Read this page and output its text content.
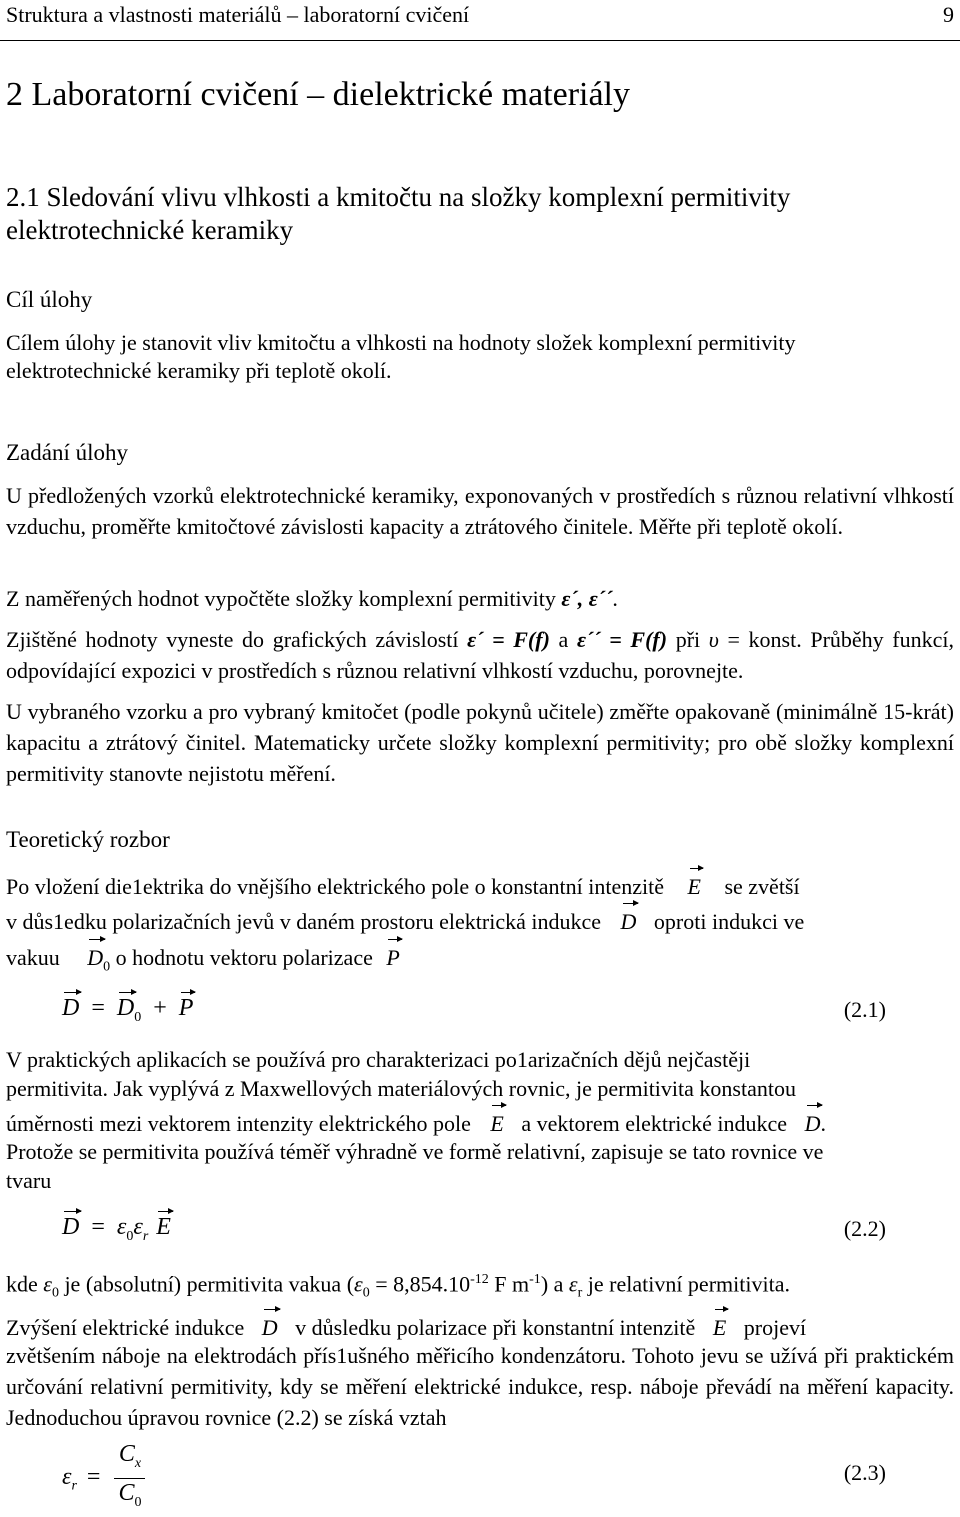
Struktura a vlastnosti materiálů – laboratorní cvičení	9
2 Laboratorní cvičení – dielektrické materiály
2.1 Sledování vlivu vlhkosti a kmitočtu na složky komplexní permitivity
elektrotechnické keramiky
Cíl úlohy
Cílem úlohy je stanovit vliv kmitočtu a vlhkosti na hodnoty složek komplexní permitivity
elektrotechnické keramiky při teplotě okolí.
Zadání úlohy

U předložených vzorků elektrotechnické keramiky, exponovaných v prostředích s různou relativní vlhkostí vzduchu, proměřte kmitočtové závislosti kapacity a ztrátového činitele. Měřte při teplotě okolí.

Z naměřených hodnot vypočtěte složky komplexní permitivity ε´, ε´´.

Zjištěné hodnoty vyneste do grafických závislostí ε´ = F(f) a ε´´ = F(f) při υ = konst. Průběhy funkcí, odpovídající expozici v prostředích s různou relativní vlhkostí vzduchu, porovnejte.

U vybraného vzorku a pro vybraný kmitočet (podle pokynů učitele) změřte opakovaně (minimálně 15-krát) kapacitu a ztrátový činitel. Matematicky určete složky komplexní permitivity; pro obě složky komplexní permitivity stanovte nejistotu měření.

Teoretický rozbor
Po vložení die1ektrika do vnějšího elektrického pole o konstantní intenzitě E se zvětší
v důs1edku polarizačních jevů v daném prostoru elektrická indukce D oproti indukci ve
vakuu $D_0$ o hodnotu vektoru polarizace P
$D = D_0 + P$	(2.1)
V praktických aplikacích se používá pro charakterizaci po1arizačních dějů nejčastěji
permitivita. Jak vyplývá z Maxwellových materiálových rovnic, je permitivita konstantou
úměrnosti mezi vektorem intenzity elektrického pole E a vektorem elektrické indukce D.
Protože se permitivita používá téměř výhradně ve formě relativní, zapisuje se tato rovnice ve
tvaru
$D = \varepsilon_0\varepsilon_r$ E	(2.2)
kde $\varepsilon_0$ je (absolutní) permitivita vakua ($\varepsilon_0 = 8,854.10^{-12}$ F $m^{-1}$) a $\varepsilon_r$ je relativní permitivita.
Zvýšení elektrické indukce D v důsledku polarizace při konstantní intenzitě E projeví

zvětšením náboje na elektrodách přís1ušného měřicího kondenzátoru. Tohoto jevu se užívá při praktickém určování relativní permitivity, kdy se měření elektrické indukce, resp. náboje převádí na měření kapacity. Jednoduchou úpravou rovnice (2.2) se získá vztah

$\varepsilon_r = \frac{C_x}{C_0}$	(2.3)
